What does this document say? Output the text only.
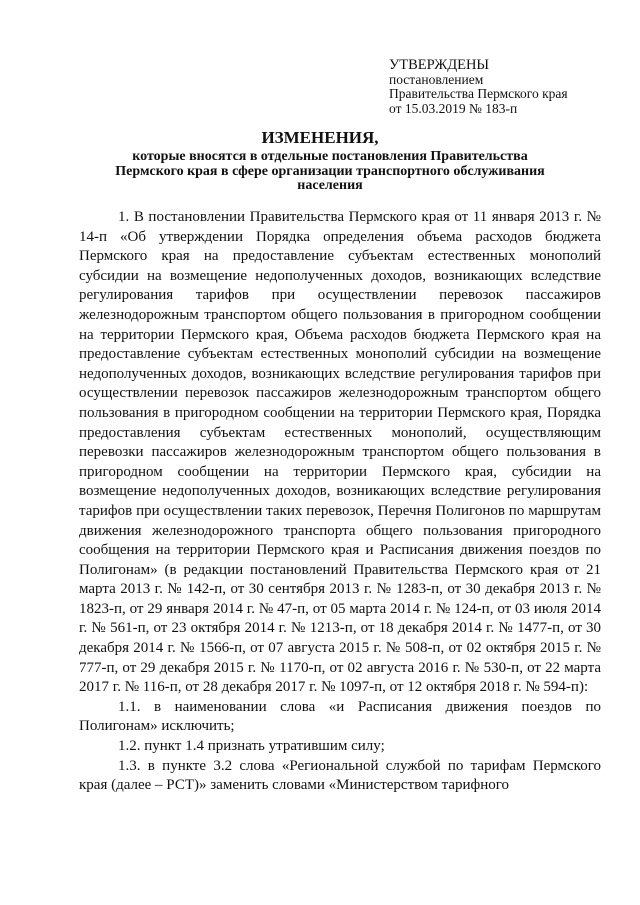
УТВЕРЖДЕНЫ
постановлением
Правительства Пермского края
от 15.03.2019 № 183-п
ИЗМЕНЕНИЯ,
которые вносятся в отдельные постановления Правительства Пермского края в сфере организации транспортного обслуживания населения

1. В постановлении Правительства Пермского края от 11 января 2013 г. № 14-п «Об утверждении Порядка определения объема расходов бюджета Пермского края на предоставление субъектам естественных монополий субсидии на возмещение недополученных доходов, возникающих вследствие регулирования тарифов при осуществлении перевозок пассажиров железнодорожным транспортом общего пользования в пригородном сообщении на территории Пермского края, Объема расходов бюджета Пермского края на предоставление субъектам естественных монополий субсидии на возмещение недополученных доходов, возникающих вследствие регулирования тарифов при осуществлении перевозок пассажиров железнодорожным транспортом общего пользования в пригородном сообщении на территории Пермского края, Порядка предоставления субъектам естественных монополий, осуществляющим перевозки пассажиров железнодорожным транспортом общего пользования в пригородном сообщении на территории Пермского края, субсидии на возмещение недополученных доходов, возникающих вследствие регулирования тарифов при осуществлении таких перевозок, Перечня Полигонов по маршрутам движения железнодорожного транспорта общего пользования пригородного сообщения на территории Пермского края и Расписания движения поездов по Полигонам» (в редакции постановлений Правительства Пермского края от 21 марта 2013 г. № 142-п, от 30 сентября 2013 г. № 1283-п, от 30 декабря 2013 г. № 1823-п, от 29 января 2014 г. № 47-п, от 05 марта 2014 г. № 124-п, от 03 июля 2014 г. № 561-п, от 23 октября 2014 г. № 1213-п, от 18 декабря 2014 г. № 1477-п, от 30 декабря 2014 г. № 1566-п, от 07 августа 2015 г. № 508-п, от 02 октября 2015 г. № 777-п, от 29 декабря 2015 г. № 1170-п, от 02 августа 2016 г. № 530-п, от 22 марта 2017 г. № 116-п, от 28 декабря 2017 г. № 1097-п, от 12 октября 2018 г. № 594-п):

1.1. в наименовании слова «и Расписания движения поездов по Полигонам» исключить;

1.2. пункт 1.4 признать утратившим силу;

1.3. в пункте 3.2 слова «Региональной службой по тарифам Пермского края (далее – РСТ)» заменить словами «Министерством тарифного
